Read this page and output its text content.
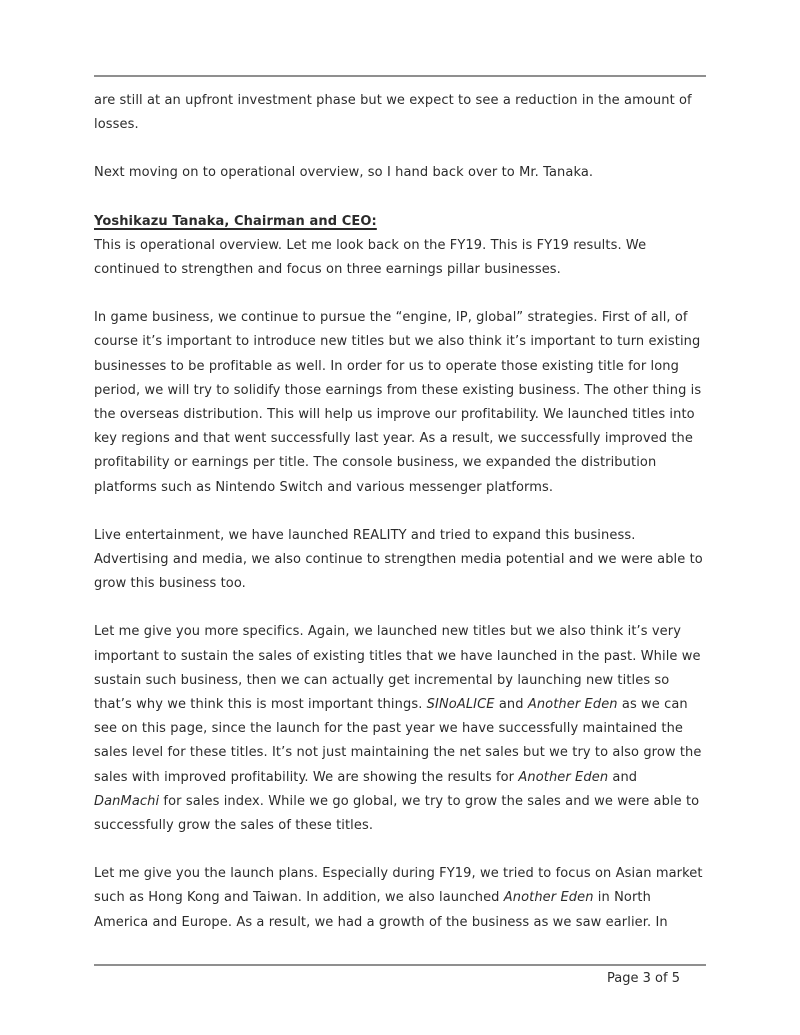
are still at an upfront investment phase but we expect to see a reduction in the amount of losses.

Next moving on to operational overview, so I hand back over to Mr. Tanaka.

Yoshikazu Tanaka, Chairman and CEO:

This is operational overview. Let me look back on the FY19. This is FY19 results. We continued to strengthen and focus on three earnings pillar businesses.

In game business, we continue to pursue the “engine, IP, global” strategies. First of all, of course it’s important to introduce new titles but we also think it’s important to turn existing businesses to be profitable as well. In order for us to operate those existing title for long period, we will try to solidify those earnings from these existing business. The other thing is the overseas distribution. This will help us improve our profitability. We launched titles into key regions and that went successfully last year. As a result, we successfully improved the profitability or earnings per title. The console business, we expanded the distribution platforms such as Nintendo Switch and various messenger platforms.

Live entertainment, we have launched REALITY and tried to expand this business. Advertising and media, we also continue to strengthen media potential and we were able to grow this business too.

Let me give you more specifics. Again, we launched new titles but we also think it’s very important to sustain the sales of existing titles that we have launched in the past. While we sustain such business, then we can actually get incremental by launching new titles so that’s why we think this is most important things. SINoALICE and Another Eden as we can see on this page, since the launch for the past year we have successfully maintained the sales level for these titles. It’s not just maintaining the net sales but we try to also grow the sales with improved profitability. We are showing the results for Another Eden and DanMachi for sales index. While we go global, we try to grow the sales and we were able to successfully grow the sales of these titles.

Let me give you the launch plans. Especially during FY19, we tried to focus on Asian market such as Hong Kong and Taiwan. In addition, we also launched Another Eden in North America and Europe. As a result, we had a growth of the business as we saw earlier. In

Page 3 of 5
